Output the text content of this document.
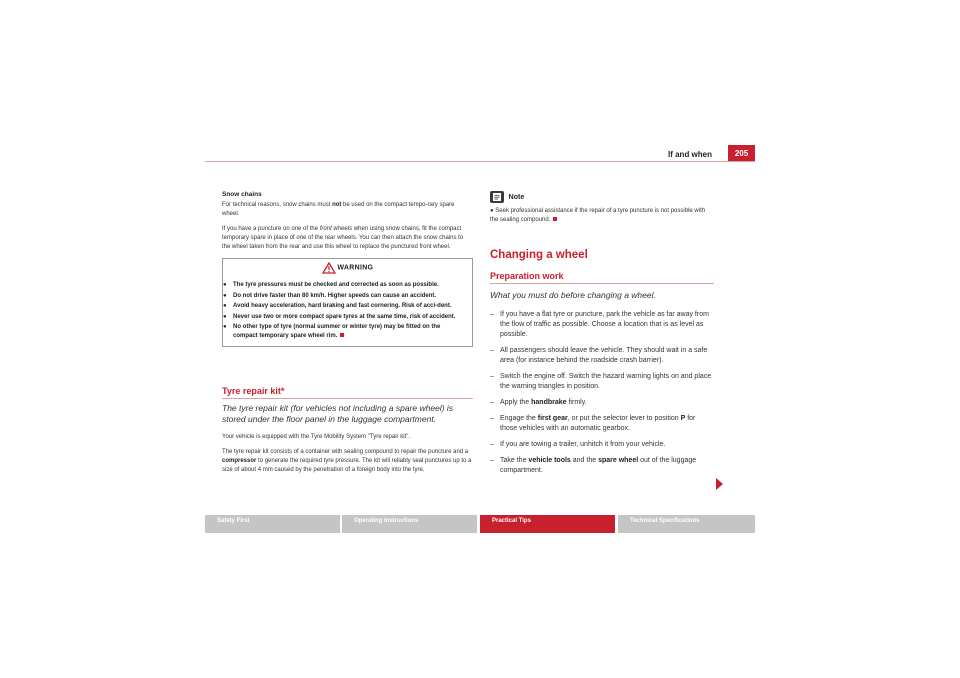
If and when	205
Snow chains

For technical reasons, snow chains must not be used on the compact tempo-rary spare wheel.

If you have a puncture on one of the front wheels when using snow chains, fit the compact temporary spare in place of one of the rear wheels. You can then attach the snow chains to the wheel taken from the rear and use this wheel to replace the punctured front wheel.

WARNING
● The tyre pressures must be checked and corrected as soon as possible.
● Do not drive faster than 80 km/h. Higher speeds can cause an accident.
● Avoid heavy acceleration, hard braking and fast cornering. Risk of acci-dent.
● Never use two or more compact spare tyres at the same time, risk of accident.
● No other type of tyre (normal summer or winter tyre) may be fitted on the compact temporary spare wheel rim.
Tyre repair kit*
The tyre repair kit (for vehicles not including a spare wheel) is stored under the floor panel in the luggage compartment.

Your vehicle is equipped with the Tyre Mobility System "Tyre repair kit".

The tyre repair kit consists of a container with sealing compound to repair the puncture and a compressor to generate the required tyre pressure. The kit will reliably seal punctures up to a size of about 4 mm caused by the penetration of a foreign body into the tyre.

Note

● Seek professional assistance if the repair of a tyre puncture is not possible with the sealing compound.

Changing a wheel
Preparation work
What you must do before changing a wheel.
– If you have a flat tyre or puncture, park the vehicle as far away from the flow of traffic as possible. Choose a location that is as level as possible.
– All passengers should leave the vehicle. They should wait in a safe area (for instance behind the roadside crash barrier).
– Switch the engine off. Switch the hazard warning lights on and place the warning triangles in position.
– Apply the handbrake firmly.
– Engage the first gear, or put the selector lever to position P for those vehicles with an automatic gearbox.
– If you are towing a trailer, unhitch it from your vehicle.
– Take the vehicle tools and the spare wheel out of the luggage compartment.
Safety First	Operating Instructions	Practical Tips	Technical Specifications
